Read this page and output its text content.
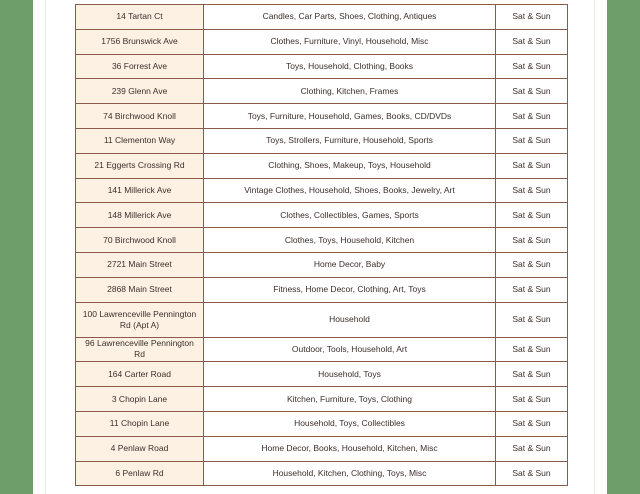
14 Tartan Ct	Candles, Car Parts, Shoes, Clothing, Antiques	Sat & Sun
1756 Brunswick Ave	Clothes, Furniture, Vinyl, Household, Misc	Sat & Sun
36 Forrest Ave	Toys, Household, Clothing, Books	Sat & Sun
239 Glenn Ave	Clothing, Kitchen, Frames	Sat & Sun
74 Birchwood Knoll	Toys, Furniture, Household, Games, Books, CD/DVDs	Sat & Sun
11 Clementon Way	Toys, Strollers, Furniture, Household, Sports	Sat & Sun
21 Eggerts Crossing Rd	Clothing, Shoes, Makeup, Toys, Household	Sat & Sun
141 Millerick Ave	Vintage Clothes, Household, Shoes, Books, Jewelry, Art	Sat & Sun
148 Millerick Ave	Clothes, Collectibles, Games, Sports	Sat & Sun
70 Birchwood Knoll	Clothes, Toys, Household, Kitchen	Sat & Sun
2721 Main Street	Home Decor, Baby	Sat & Sun
2868 Main Street	Fitness, Home Decor, Clothing, Art, Toys	Sat & Sun
100 Lawrenceville Pennington Rd (Apt A)	Household	Sat & Sun
96 Lawrenceville Pennington Rd	Outdoor, Tools, Household, Art	Sat & Sun
164 Carter Road	Household, Toys	Sat & Sun
3 Chopin Lane	Kitchen, Furniture, Toys, Clothing	Sat & Sun
11 Chopin Lane	Household, Toys, Collectibles	Sat & Sun
4 Penlaw Road	Home Decor, Books, Household, Kitchen, Misc	Sat & Sun
6 Penlaw Rd	Household, Kitchen, Clothing, Toys, Misc	Sat & Sun
